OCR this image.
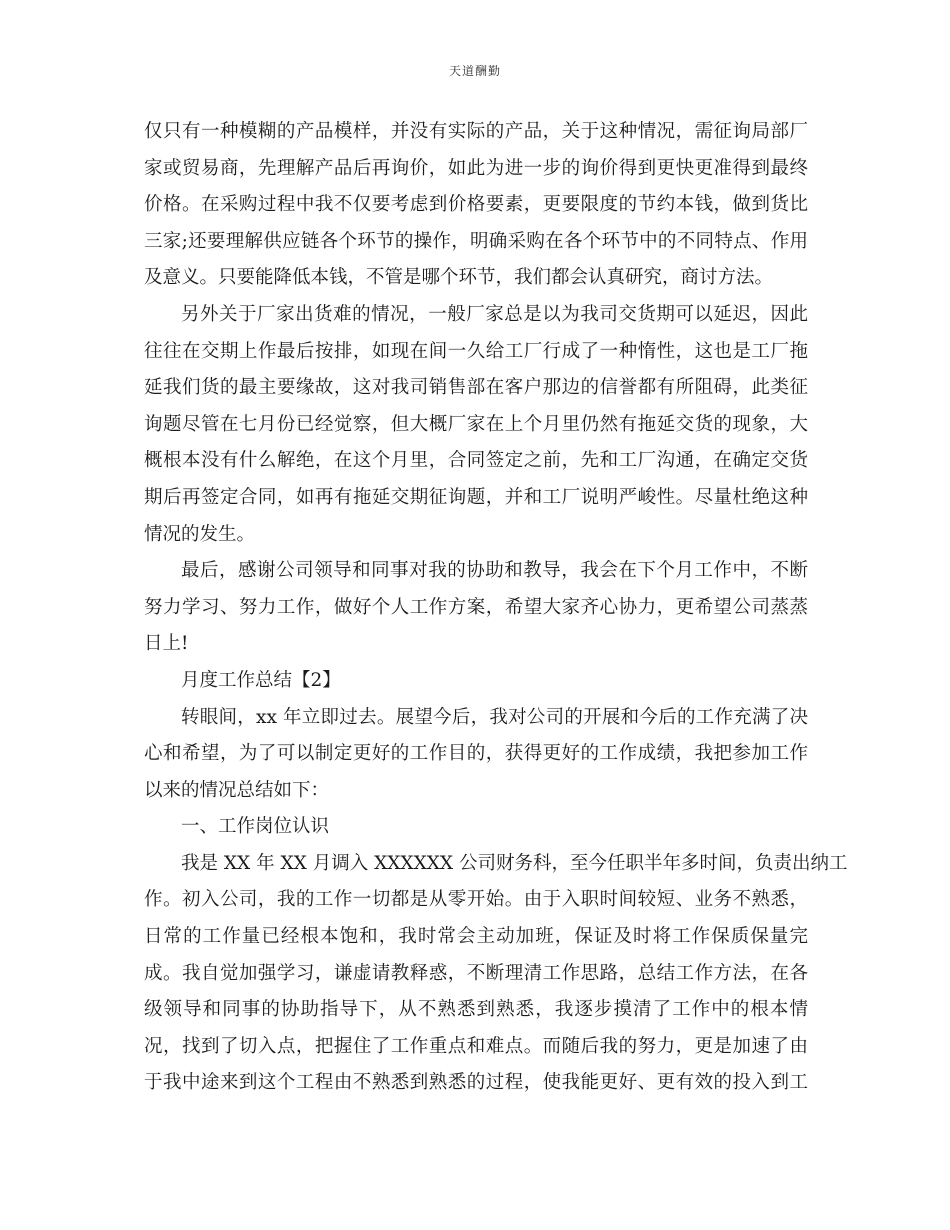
天道酬勤
仅只有一种模糊的产品模样，并没有实际的产品，关于这种情况，需征询局部厂
家或贸易商，先理解产品后再询价，如此为进一步的询价得到更快更准得到最终
价格。在采购过程中我不仅要考虑到价格要素，更要限度的节约本钱，做到货比
三家;还要理解供应链各个环节的操作，明确采购在各个环节中的不同特点、作用
及意义。只要能降低本钱，不管是哪个环节，我们都会认真研究，商讨方法。
另外关于厂家出货难的情况，一般厂家总是以为我司交货期可以延迟，因此
往往在交期上作最后按排，如现在间一久给工厂行成了一种惰性，这也是工厂拖
延我们货的最主要缘故，这对我司销售部在客户那边的信誉都有所阻碍，此类征
询题尽管在七月份已经觉察，但大概厂家在上个月里仍然有拖延交货的现象，大
概根本没有什么解绝，在这个月里，合同签定之前，先和工厂沟通，在确定交货
期后再签定合同，如再有拖延交期征询题，并和工厂说明严峻性。尽量杜绝这种
情况的发生。
最后，感谢公司领导和同事对我的协助和教导，我会在下个月工作中，不断
努力学习、努力工作，做好个人工作方案，希望大家齐心协力，更希望公司蒸蒸
日上!
月度工作总结【2】
转眼间，xx 年立即过去。展望今后，我对公司的开展和今后的工作充满了决
心和希望，为了可以制定更好的工作目的，获得更好的工作成绩，我把参加工作
以来的情况总结如下：
一、工作岗位认识
我是 XX 年 XX 月调入 XXXXXX 公司财务科，至今任职半年多时间，负责出纳工
作。初入公司，我的工作一切都是从零开始。由于入职时间较短、业务不熟悉，
日常的工作量已经根本饱和，我时常会主动加班，保证及时将工作保质保量完
成。我自觉加强学习，谦虚请教释惑，不断理清工作思路，总结工作方法，在各
级领导和同事的协助指导下，从不熟悉到熟悉，我逐步摸清了工作中的根本情
况，找到了切入点，把握住了工作重点和难点。而随后我的努力，更是加速了由
于我中途来到这个工程由不熟悉到熟悉的过程，使我能更好、更有效的投入到工
